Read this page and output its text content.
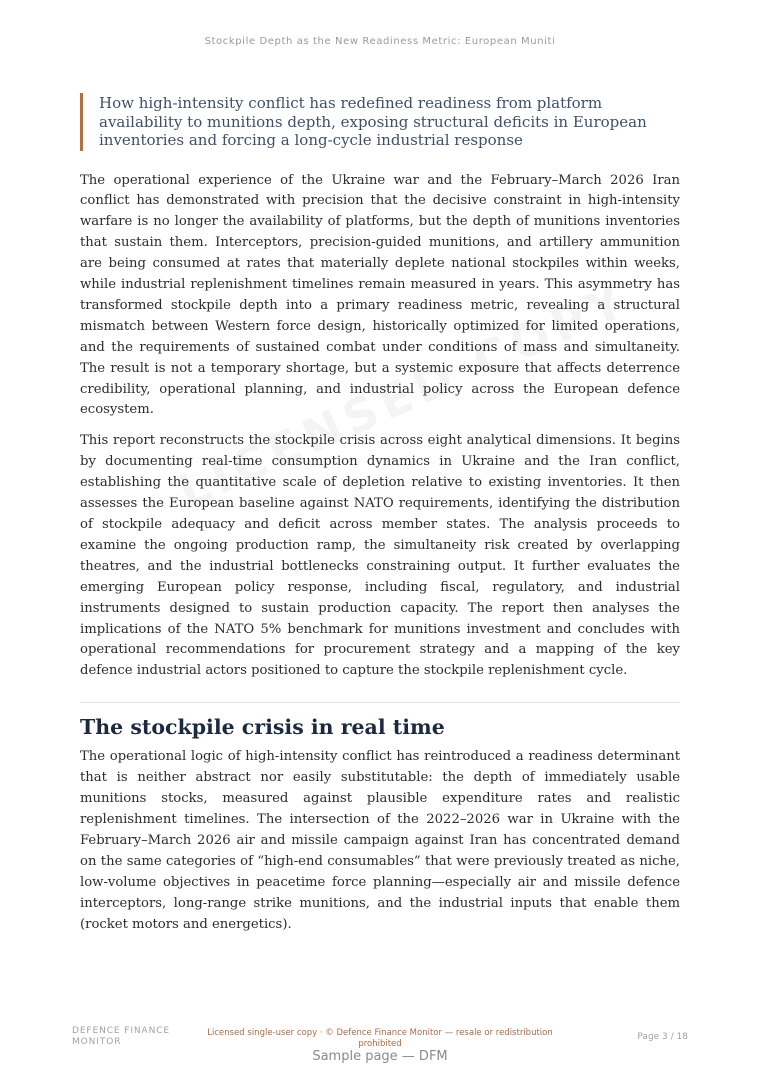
Stockpile Depth as the New Readiness Metric: European Muniti
How high-intensity conflict has redefined readiness from platform availability to munitions depth, exposing structural deficits in European inventories and forcing a long-cycle industrial response

The operational experience of the Ukraine war and the February–March 2026 Iran conflict has demonstrated with precision that the decisive constraint in high-intensity warfare is no longer the availability of platforms, but the depth of munitions inventories that sustain them. Interceptors, precision-guided munitions, and artillery ammunition are being consumed at rates that materially deplete national stockpiles within weeks, while industrial replenishment timelines remain measured in years. This asymmetry has transformed stockpile depth into a primary readiness metric, revealing a structural mismatch between Western force design, historically optimized for limited operations, and the requirements of sustained combat under conditions of mass and simultaneity. The result is not a temporary shortage, but a systemic exposure that affects deterrence credibility, operational planning, and industrial policy across the European defence ecosystem.

This report reconstructs the stockpile crisis across eight analytical dimensions. It begins by documenting real-time consumption dynamics in Ukraine and the Iran conflict, establishing the quantitative scale of depletion relative to existing inventories. It then assesses the European baseline against NATO requirements, identifying the distribution of stockpile adequacy and deficit across member states. The analysis proceeds to examine the ongoing production ramp, the simultaneity risk created by overlapping theatres, and the industrial bottlenecks constraining output. It further evaluates the emerging European policy response, including fiscal, regulatory, and industrial instruments designed to sustain production capacity. The report then analyses the implications of the NATO 5% benchmark for munitions investment and concludes with operational recommendations for procurement strategy and a mapping of the key defence industrial actors positioned to capture the stockpile replenishment cycle.

The stockpile crisis in real time

The operational logic of high-intensity conflict has reintroduced a readiness determinant that is neither abstract nor easily substitutable: the depth of immediately usable munitions stocks, measured against plausible expenditure rates and realistic replenishment timelines. The intersection of the 2022–2026 war in Ukraine with the February–March 2026 air and missile campaign against Iran has concentrated demand on the same categories of “high-end consumables” that were previously treated as niche, low-volume objectives in peacetime force planning—especially air and missile defence interceptors, long-range strike munitions, and the industrial inputs that enable them (rocket motors and energetics).

DEFENCE FINANCE
MONITOR
Licensed single-user copy · © Defence Finance Monitor — resale or redistribution prohibited
Page 3 / 18
Sample page — DFM
